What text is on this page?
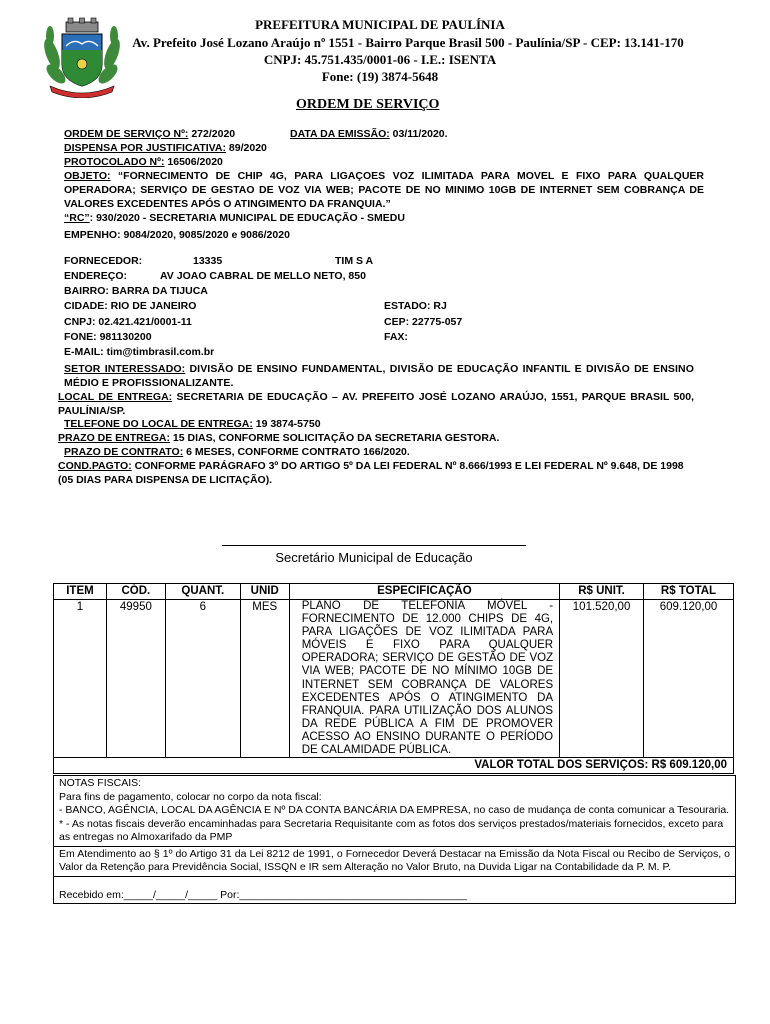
PREFEITURA MUNICIPAL DE PAULÍNIA
Av. Prefeito José Lozano Araújo nº 1551 - Bairro Parque Brasil 500 - Paulínia/SP - CEP: 13.141-170
CNPJ: 45.751.435/0001-06 - I.E.: ISENTA
Fone: (19) 3874-5648
ORDEM DE SERVIÇO
ORDEM DE SERVIÇO Nº: 272/2020	DATA DA EMISSÃO: 03/11/2020.
DISPENSA POR JUSTIFICATIVA: 89/2020
PROTOCOLADO Nº: 16506/2020
OBJETO: “FORNECIMENTO DE CHIP 4G, PARA LIGAÇOES VOZ ILIMITADA PARA MOVEL E FIXO PARA QUALQUER OPERADORA; SERVIÇO DE GESTAO DE VOZ VIA WEB; PACOTE DE NO MINIMO 10GB DE INTERNET SEM COBRANÇA DE VALORES EXCEDENTES APÓS O ATINGIMENTO DA FRANQUIA.”
“RC”: 930/2020 - SECRETARIA MUNICIPAL DE EDUCAÇÃO - SMEDU
EMPENHO: 9084/2020, 9085/2020 e 9086/2020
FORNECEDOR:	13335	TIM S A
ENDEREÇO:	AV JOAO CABRAL DE MELLO NETO, 850
BAIRRO: BARRA DA TIJUCA
CIDADE: RIO DE JANEIRO	ESTADO: RJ
CNPJ: 02.421.421/0001-11	CEP: 22775-057
FONE: 981130200	FAX:
E-MAIL: tim@timbrasil.com.br
SETOR INTERESSADO: DIVISÃO DE ENSINO FUNDAMENTAL, DIVISÃO DE EDUCAÇÃO INFANTIL E DIVISÃO DE ENSINO MÉDIO E PROFISSIONALIZANTE.
LOCAL DE ENTREGA: SECRETARIA DE EDUCAÇÃO – AV. PREFEITO JOSÉ LOZANO ARAÚJO, 1551, PARQUE BRASIL 500, PAULÍNIA/SP.
TELEFONE DO LOCAL DE ENTREGA: 19 3874-5750
PRAZO DE ENTREGA: 15 DIAS, CONFORME SOLICITAÇÃO DA SECRETARIA GESTORA.
PRAZO DE CONTRATO: 6 MESES, CONFORME CONTRATO 166/2020.
COND.PAGTO: CONFORME PARÁGRAFO 3º DO ARTIGO 5º DA LEI FEDERAL Nº 8.666/1993 E LEI FEDERAL Nº 9.648, DE 1998 (05 DIAS PARA DISPENSA DE LICITAÇÃO).
Secretário Municipal de Educação
ITEM	CÓD.	QUANT.	UNID	ESPECIFICAÇÃO	R$ UNIT.	R$ TOTAL
1	49950	6	MES	PLANO DE TELEFONIA MÓVEL - FORNECIMENTO DE 12.000 CHIPS DE 4G, PARA LIGAÇÕES DE VOZ ILIMITADA PARA MÓVEIS E FIXO PARA QUALQUER OPERADORA; SERVIÇO DE GESTÃO DE VOZ VIA WEB; PACOTE DE NO MÍNIMO 10GB DE INTERNET SEM COBRANÇA DE VALORES EXCEDENTES APÓS O ATINGIMENTO DA FRANQUIA. PARA UTILIZAÇÃO DOS ALUNOS DA REDE PÚBLICA A FIM DE PROMOVER ACESSO AO ENSINO DURANTE O PERÍODO DE CALAMIDADE PÚBLICA.	101.520,00	609.120,00
VALOR TOTAL DOS SERVIÇOS: R$ 609.120,00						
NOTAS FISCAIS:
Para fins de pagamento, colocar no corpo da nota fiscal:
- BANCO, AGÊNCIA, LOCAL DA AGÊNCIA E Nº DA CONTA BANCÁRIA DA EMPRESA, no caso de mudança de conta comunicar a Tesouraria.
* - As notas fiscais deverão encaminhadas para Secretaria Requisitante com as fotos dos serviços prestados/materiais fornecidos, exceto para as entregas no Almoxarifado da PMP
Em Atendimento ao § 1º do Artigo 31 da Lei 8212 de 1991, o Fornecedor Deverá Destacar na Emissão da Nota Fiscal ou Recibo de Serviços, o Valor da Retenção para Previdência Social, ISSQN e IR sem Alteração no Valor Bruto, na Duvida Ligar na Contabilidade da P. M. P.
Recebido em:_____/_____/_____ Por:_______________________________________
